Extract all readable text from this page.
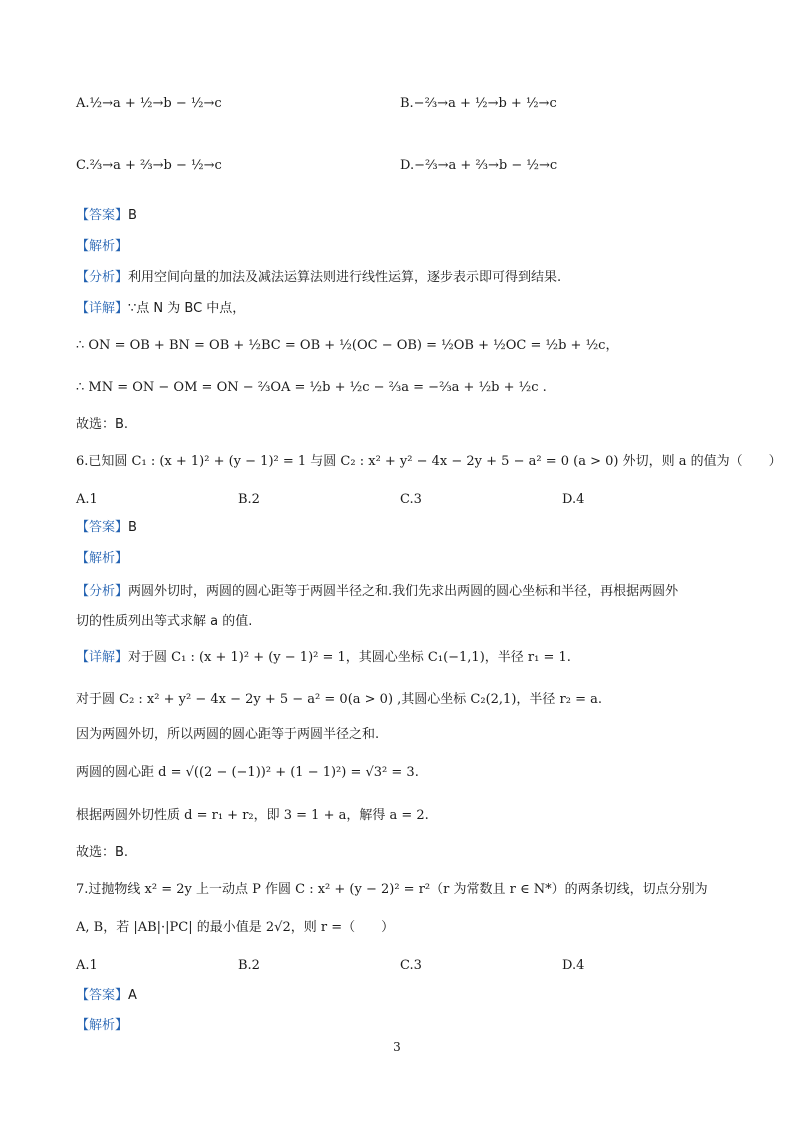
A.½→a + ½→b − ½→c	B.−⅔→a + ½→b + ½→c
C.⅔→a + ⅔→b − ½→c	D.−⅔→a + ⅔→b − ½→c
【答案】B
【解析】
【分析】利用空间向量的加法及减法运算法则进行线性运算，逐步表示即可得到结果.
【详解】∵点 N 为 BC 中点，
∴ ON = OB + BN = OB + ½BC = OB + ½(OC − OB) = ½OB + ½OC = ½b + ½c，
∴ MN = ON − OM = ON − ⅔OA = ½b + ½c − ⅔a = −⅔a + ½b + ½c .
故选：B.
6.已知圆 C₁ : (x + 1)² + (y − 1)² = 1 与圆 C₂ : x² + y² − 4x − 2y + 5 − a² = 0 (a > 0) 外切，则 a 的值为（　　）
A.1	B.2	C.3	D.4
【答案】B
【解析】
【分析】两圆外切时，两圆的圆心距等于两圆半径之和.我们先求出两圆的圆心坐标和半径，再根据两圆外
切的性质列出等式求解 a 的值.
【详解】对于圆 C₁ : (x + 1)² + (y − 1)² = 1，其圆心坐标 C₁(−1,1)，半径 r₁ = 1.
对于圆 C₂ : x² + y² − 4x − 2y + 5 − a² = 0(a > 0) ,其圆心坐标 C₂(2,1)，半径 r₂ = a.
因为两圆外切，所以两圆的圆心距等于两圆半径之和.
两圆的圆心距 d = √((2 − (−1))² + (1 − 1)²) = √3² = 3.
根据两圆外切性质 d = r₁ + r₂，即 3 = 1 + a，解得 a = 2.
故选：B.
7.过抛物线 x² = 2y 上一动点 P 作圆 C : x² + (y − 2)² = r²（r 为常数且 r ∈ N*）的两条切线，切点分别为
A, B，若 |AB|·|PC| 的最小值是 2√2，则 r =（　　）
A.1	B.2	C.3	D.4
【答案】A
【解析】
3
